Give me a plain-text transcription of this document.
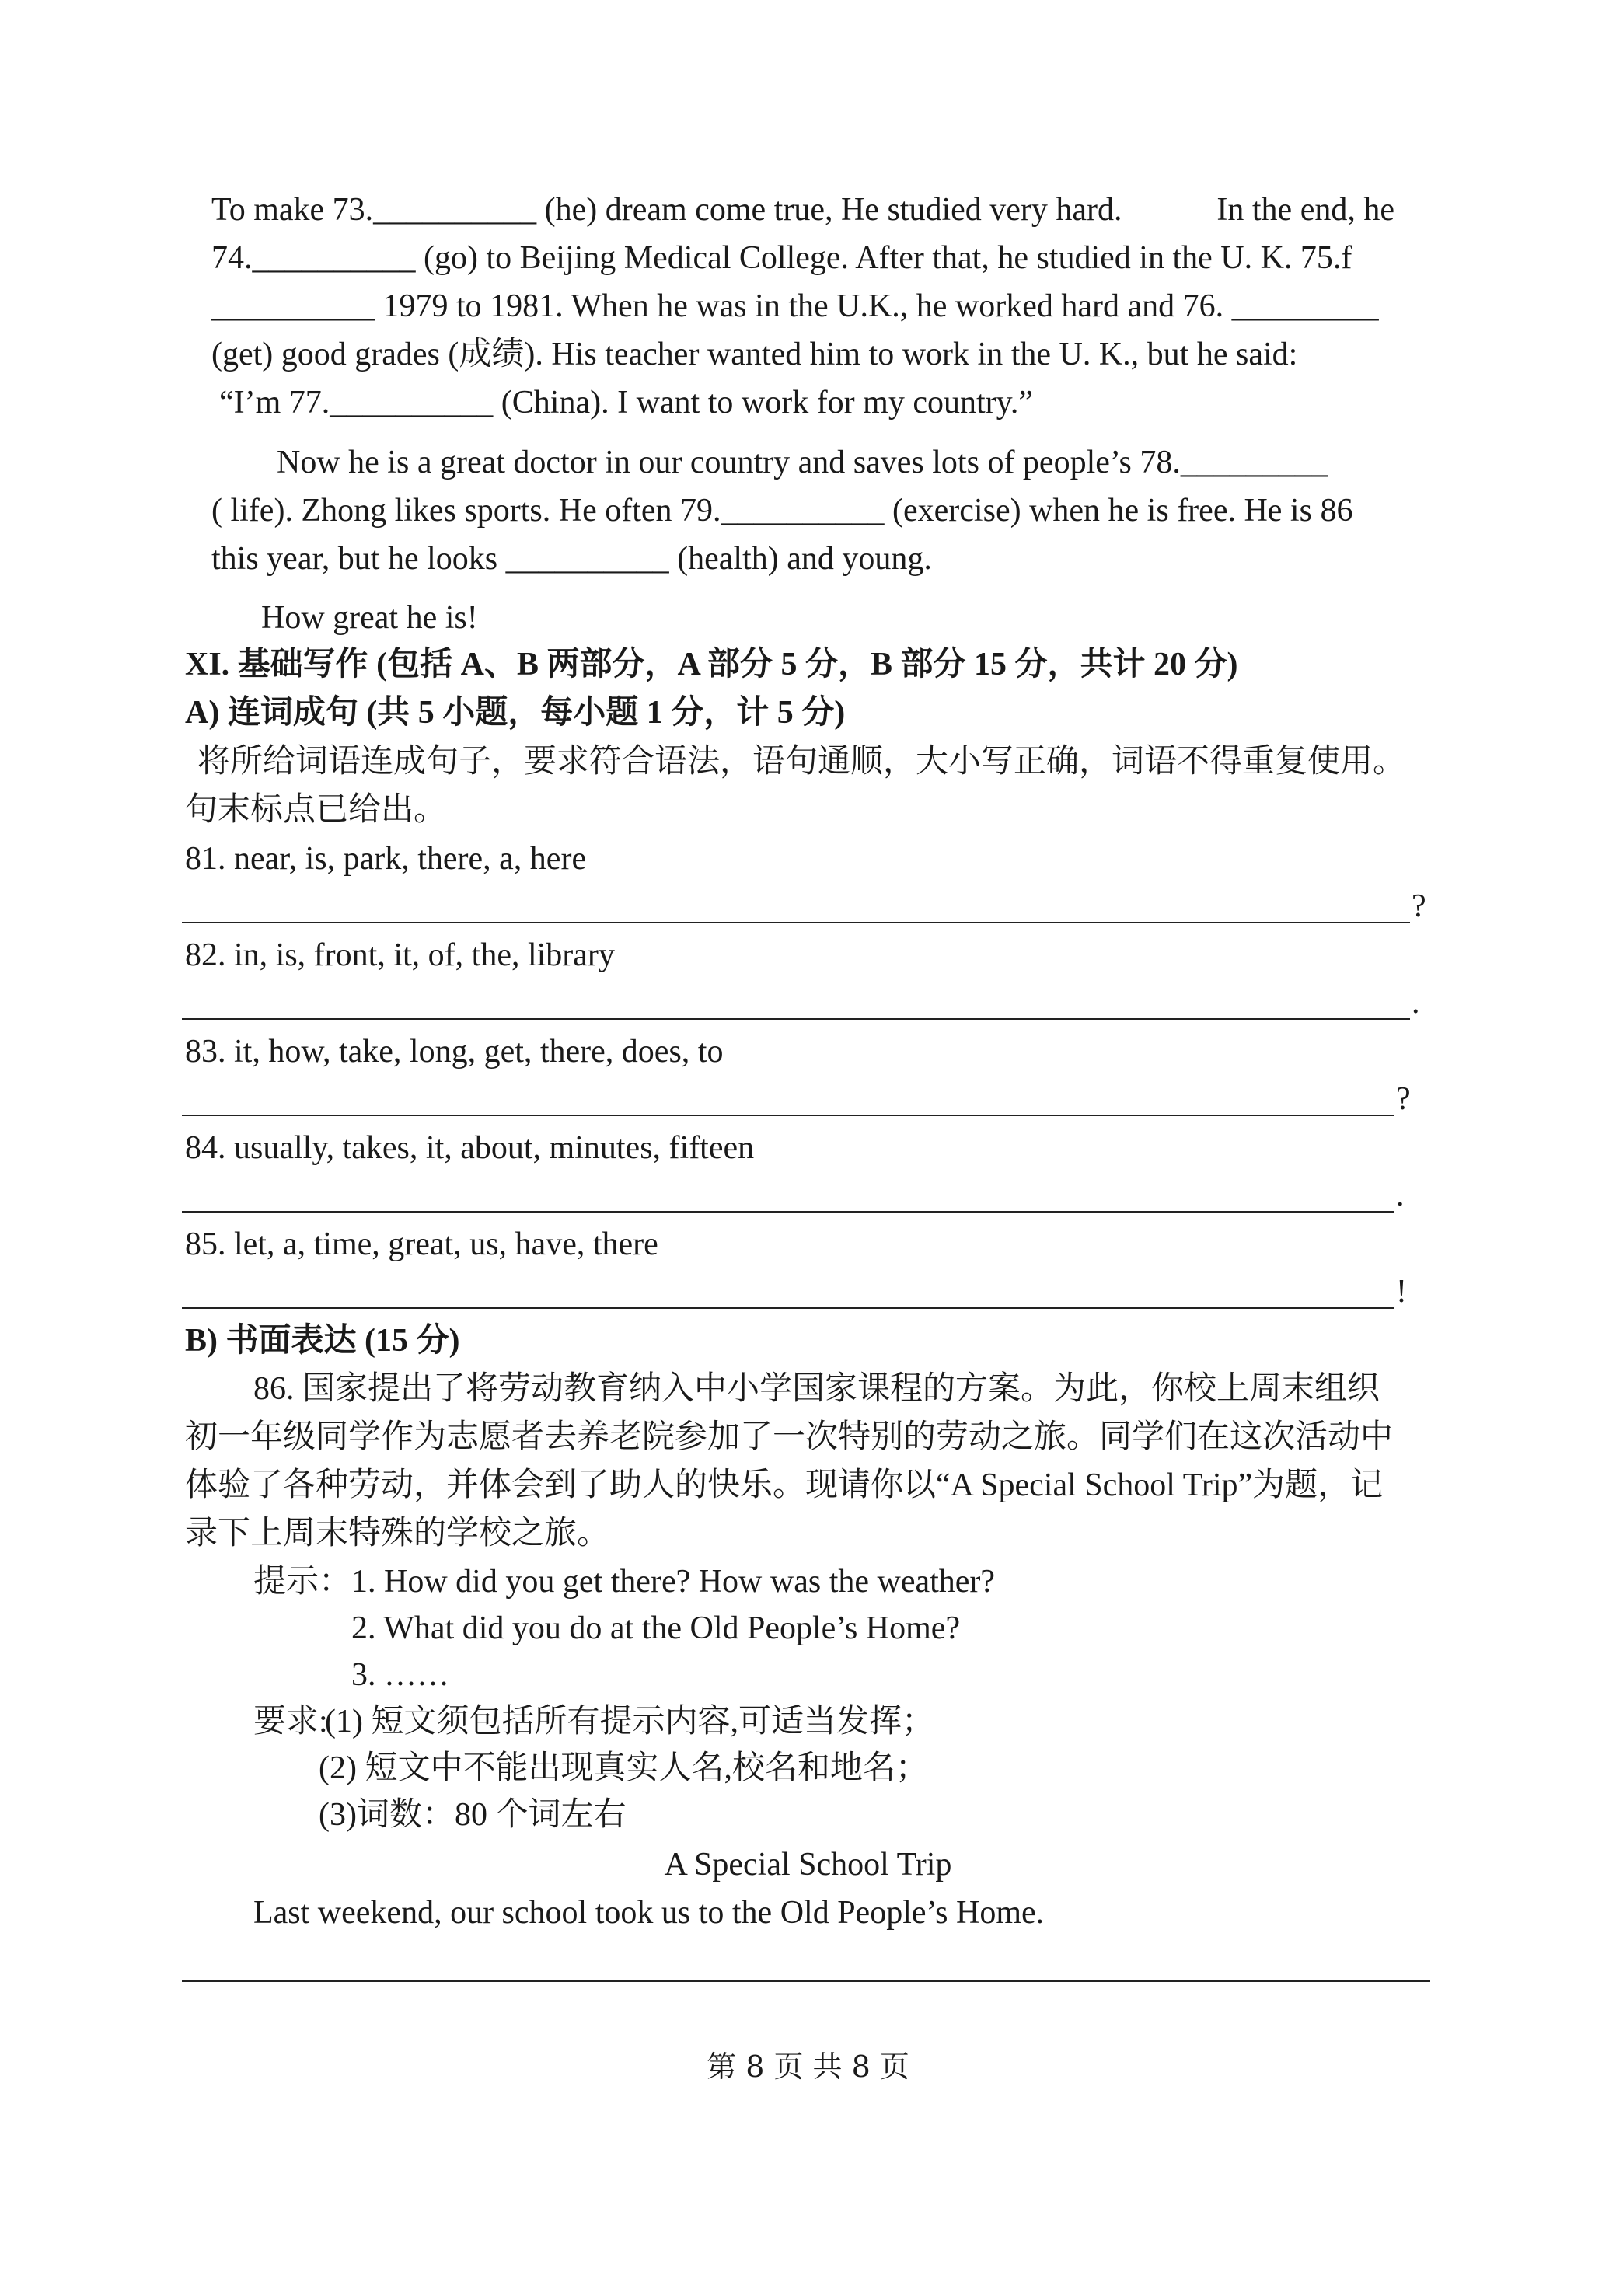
To make 73.__________ (he) dream come true, He studied very hard.	In the end, he
74.__________ (go) to Beijing Medical College. After that, he studied in the U. K. 75.f
__________ 1979 to 1981. When he was in the U.K., he worked hard and 76. _________
(get) good grades (成绩). His teacher wanted him to work in the U. K., but he said:
“I’m 77.__________ (China). I want to work for my country.”
Now he is a great doctor in our country and saves lots of people’s 78._________
( life). Zhong likes sports. He often 79.__________ (exercise) when he is free. He is 86
this year, but he looks __________ (health) and young.
How great he is!
XI. 基础写作 (包括 A、B 两部分，A 部分 5 分，B 部分 15 分，共计 20 分)
A) 连词成句 (共 5 小题，每小题 1 分，计 5 分)
将所给词语连成句子，要求符合语法，语句通顺，大小写正确，词语不得重复使用。
句末标点已给出。
81. near, is, park, there, a, here
?
82. in, is, front, it, of, the, library
.
83. it, how, take, long, get, there, does, to
?
84. usually, takes, it, about, minutes, fifteen
.
85. let, a, time, great, us, have, there
!
B) 书面表达 (15 分)
86. 国家提出了将劳动教育纳入中小学国家课程的方案。为此，你校上周末组织
初一年级同学作为志愿者去养老院参加了一次特别的劳动之旅。同学们在这次活动中
体验了各种劳动，并体会到了助人的快乐。现请你以“A Special School Trip”为题，记
录下上周末特殊的学校之旅。
提示： 1. How did you get there? How was the weather?
2. What did you do at the Old People’s Home?
3. ……
要求:
(1) 短文须包括所有提示内容,可适当发挥；
(2) 短文中不能出现真实人名,校名和地名；
(3)词数：80 个词左右
A Special School Trip
Last weekend, our school took us to the Old People’s Home.
第 8 页 共 8 页
